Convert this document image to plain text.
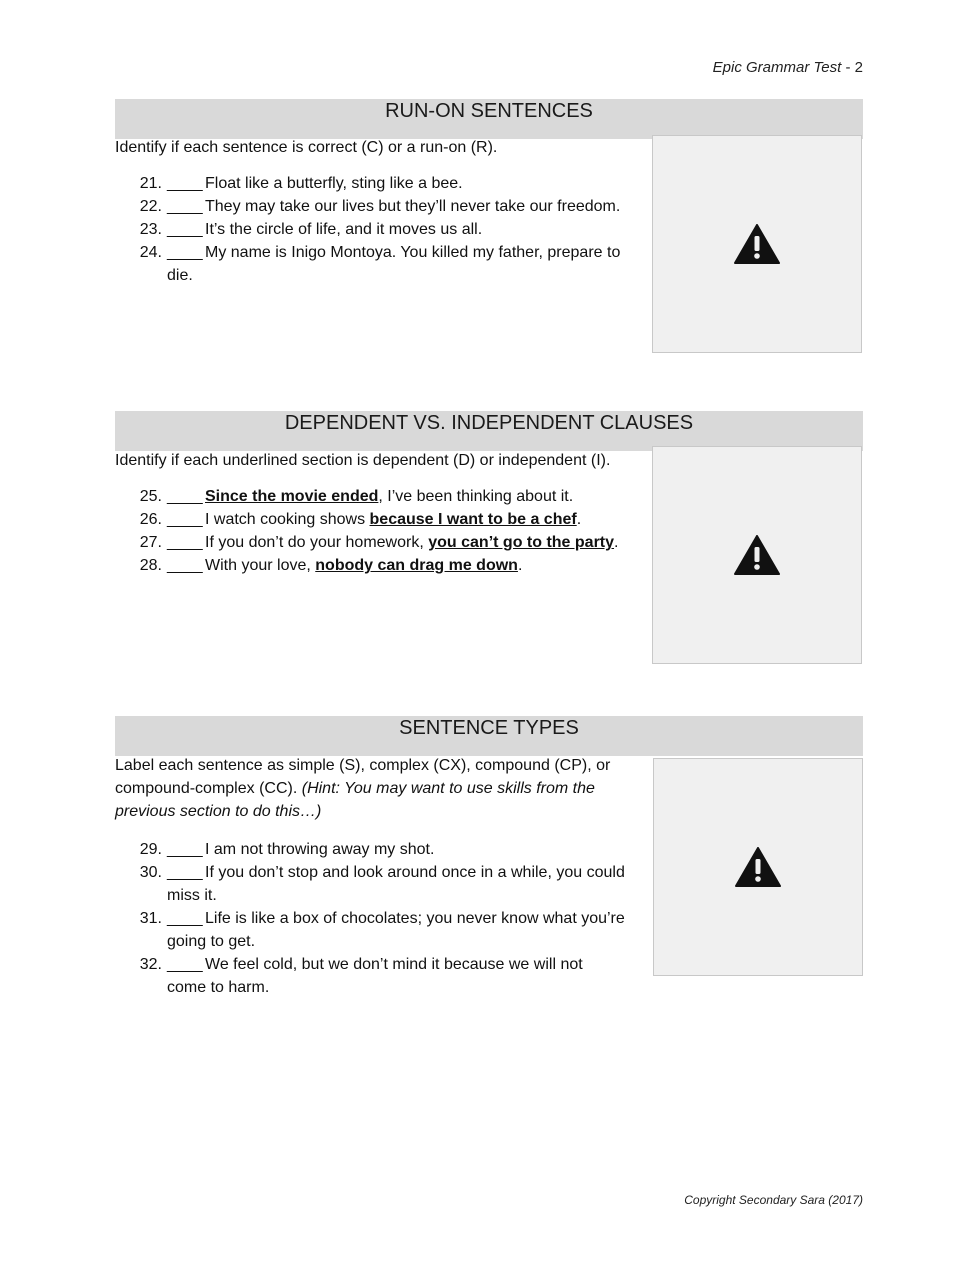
Epic Grammar Test - 2
RUN-ON SENTENCES
Identify if each sentence is correct (C) or a run-on (R).
21. ____ Float like a butterfly, sting like a bee.
22. ____ They may take our lives but they’ll never take our freedom.
23. ____ It’s the circle of life, and it moves us all.
24. ____ My name is Inigo Montoya. You killed my father, prepare to
die.
DEPENDENT VS. INDEPENDENT CLAUSES
Identify if each underlined section is dependent (D) or independent (I).
25. ____ Since the movie ended, I’ve been thinking about it.
26. ____ I watch cooking shows because I want to be a chef.
27. ____ If you don’t do your homework, you can’t go to the party.
28. ____ With your love, nobody can drag me down.
SENTENCE TYPES
Label each sentence as simple (S), complex (CX), compound (CP), or
compound-complex (CC). (Hint: You may want to use skills from the
previous section to do this…)
29. ____ I am not throwing away my shot.
30. ____ If you don’t stop and look around once in a while, you could
miss it.
31. ____ Life is like a box of chocolates; you never know what you’re
going to get.
32. ____ We feel cold, but we don’t mind it because we will not
come to harm.
Copyright Secondary Sara (2017)
